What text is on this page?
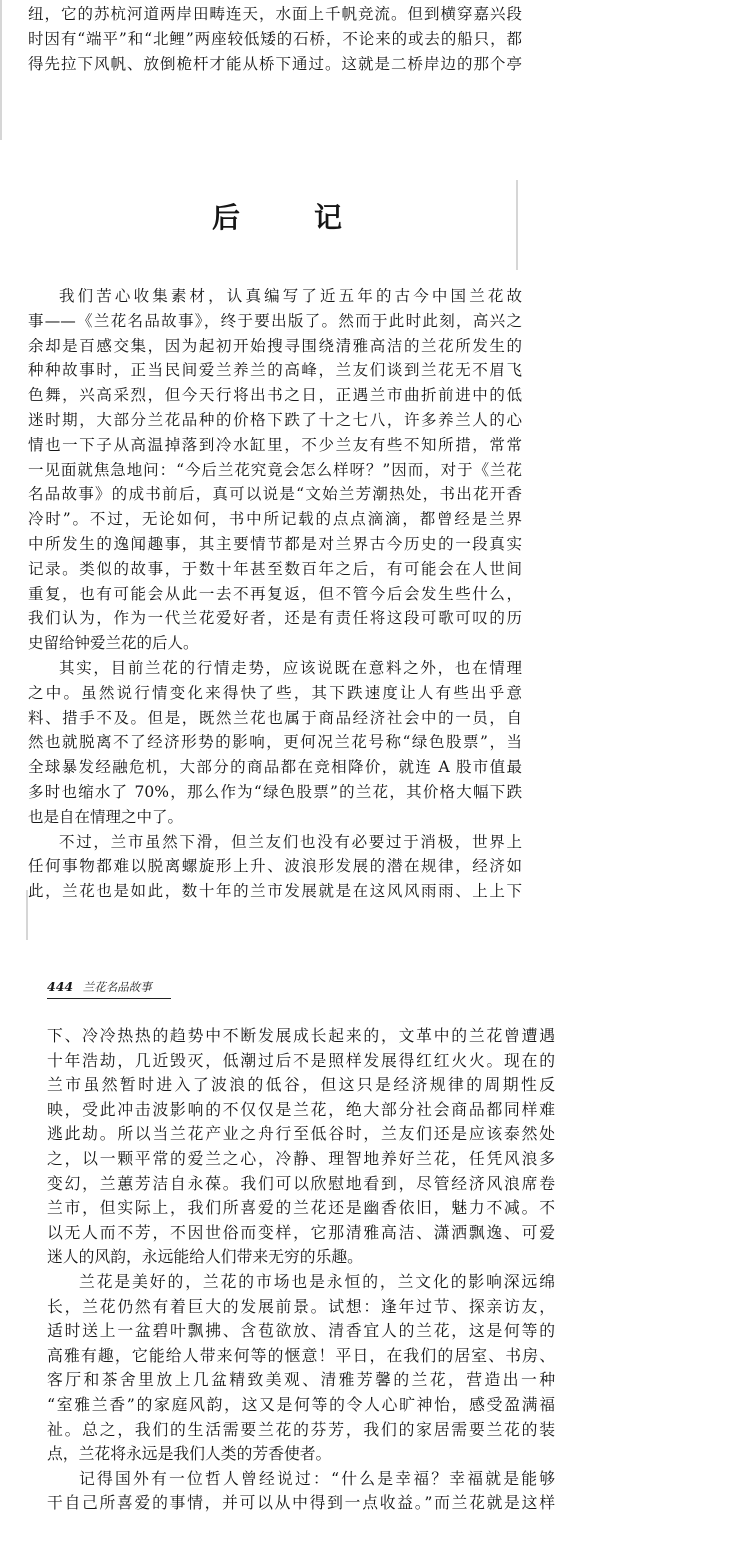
纽，它的苏杭河道两岸田畴连天，水面上千帆竞流。但到横穿嘉兴段
时因有“端平”和“北鲤”两座较低矮的石桥，不论来的或去的船只，都
得先拉下风帆、放倒桅杆才能从桥下通过。这就是二桥岸边的那个亭
后	记
我们苦心收集素材，认真编写了近五年的古今中国兰花故
事——《兰花名品故事》，终于要出版了。然而于此时此刻，高兴之
余却是百感交集，因为起初开始搜寻围绕清雅高洁的兰花所发生的
种种故事时，正当民间爱兰养兰的高峰，兰友们谈到兰花无不眉飞
色舞，兴高采烈，但今天行将出书之日，正遇兰市曲折前进中的低
迷时期，大部分兰花品种的价格下跌了十之七八，许多养兰人的心
情也一下子从高温掉落到冷水缸里，不少兰友有些不知所措，常常
一见面就焦急地问：“今后兰花究竟会怎么样呀？”因而，对于《兰花
名品故事》的成书前后，真可以说是“文始兰芳潮热处，书出花开香
冷时”。不过，无论如何，书中所记载的点点滴滴，都曾经是兰界
中所发生的逸闻趣事，其主要情节都是对兰界古今历史的一段真实
记录。类似的故事，于数十年甚至数百年之后，有可能会在人世间
重复，也有可能会从此一去不再复返，但不管今后会发生些什么，
我们认为，作为一代兰花爱好者，还是有责任将这段可歌可叹的历
史留给钟爱兰花的后人。
其实，目前兰花的行情走势，应该说既在意料之外，也在情理
之中。虽然说行情变化来得快了些，其下跌速度让人有些出乎意
料、措手不及。但是，既然兰花也属于商品经济社会中的一员，自
然也就脱离不了经济形势的影响，更何况兰花号称“绿色股票”，当
全球暴发经融危机，大部分的商品都在竞相降价，就连 A 股市值最
多时也缩水了 70%，那么作为“绿色股票”的兰花，其价格大幅下跌
也是自在情理之中了。
不过，兰市虽然下滑，但兰友们也没有必要过于消极，世界上
任何事物都难以脱离螺旋形上升、波浪形发展的潜在规律，经济如
此，兰花也是如此，数十年的兰市发展就是在这风风雨雨、上上下
444 兰花名品故事
下、冷冷热热的趋势中不断发展成长起来的，文革中的兰花曾遭遇
十年浩劫，几近毁灭，低潮过后不是照样发展得红红火火。现在的
兰市虽然暂时进入了波浪的低谷，但这只是经济规律的周期性反
映，受此冲击波影响的不仅仅是兰花，绝大部分社会商品都同样难
逃此劫。所以当兰花产业之舟行至低谷时，兰友们还是应该泰然处
之，以一颗平常的爱兰之心，冷静、理智地养好兰花，任凭风浪多
变幻，兰蕙芳洁自永葆。我们可以欣慰地看到，尽管经济风浪席卷
兰市，但实际上，我们所喜爱的兰花还是幽香依旧，魅力不减。不
以无人而不芳，不因世俗而变样，它那清雅高洁、潇洒飘逸、可爱
迷人的风韵，永远能给人们带来无穷的乐趣。
兰花是美好的，兰花的市场也是永恒的，兰文化的影响深远绵
长，兰花仍然有着巨大的发展前景。试想：逢年过节、探亲访友，
适时送上一盆碧叶飘拂、含苞欲放、清香宜人的兰花，这是何等的
高雅有趣，它能给人带来何等的惬意！平日，在我们的居室、书房、
客厅和茶舍里放上几盆精致美观、清雅芳馨的兰花，营造出一种
“室雅兰香”的家庭风韵，这又是何等的令人心旷神怡，感受盈满福
祉。总之，我们的生活需要兰花的芬芳，我们的家居需要兰花的装
点，兰花将永远是我们人类的芳香使者。
记得国外有一位哲人曾经说过：“什么是幸福？幸福就是能够
干自己所喜爱的事情，并可以从中得到一点收益。”而兰花就是这样
